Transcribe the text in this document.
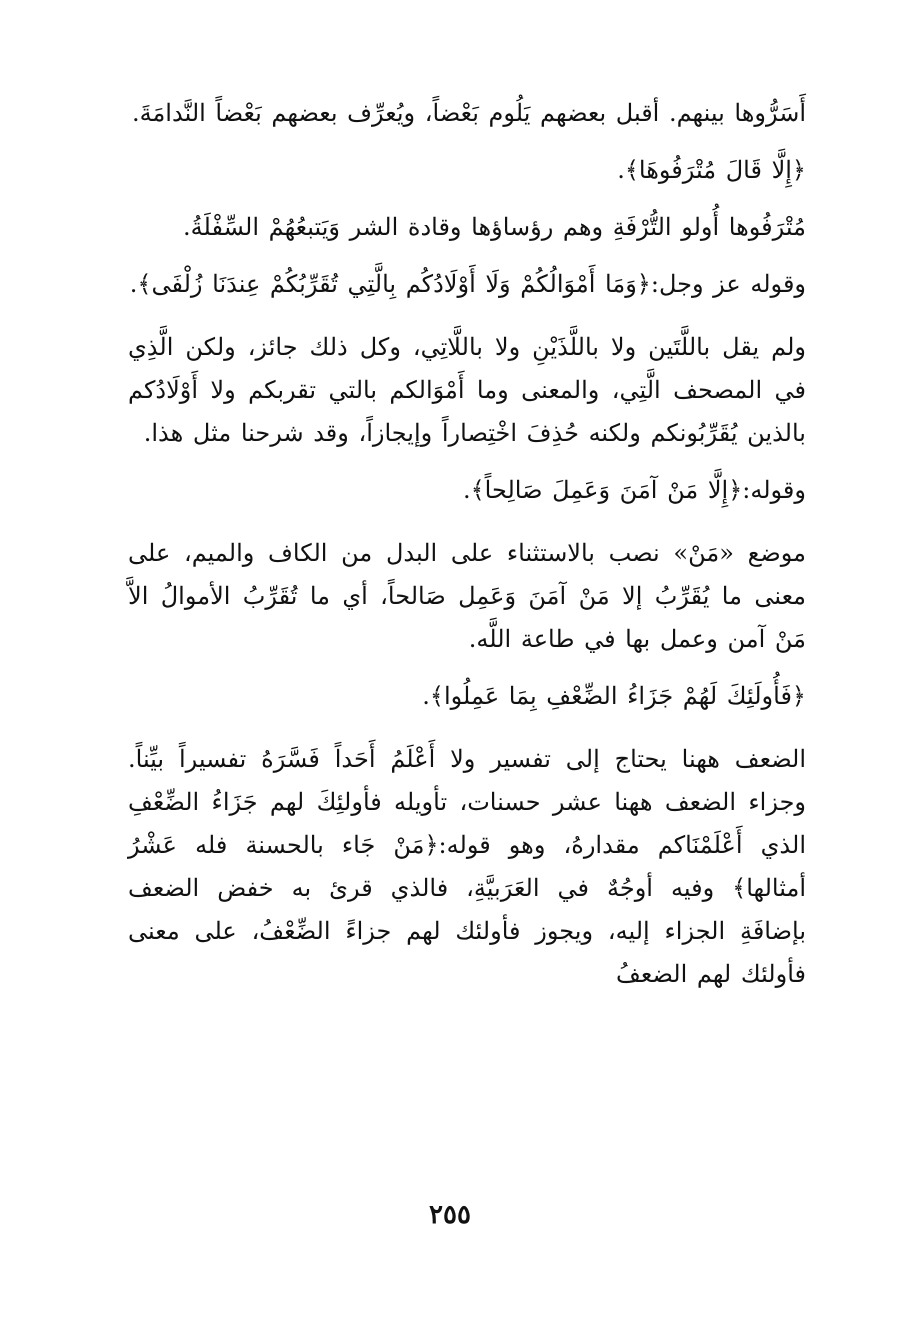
أَسَرُّوها بينهم. أقبل بعضهم يَلُوم بَعْضاً، ويُعرِّف بعضهم بَعْضاً النَّدامَةَ.

﴿إِلَّا قَالَ مُتْرَفُوهَا﴾.

مُتْرَفُوها أُولو التُّرْفَةِ وهم رؤساؤها وقادة الشر وَيَتبعُهُمْ السِّفْلَةُ.

وقوله عز وجل:﴿وَمَا أَمْوَالُكُمْ وَلَا أَوْلَادُكُم بِالَّتِي تُقَرِّبُكُمْ عِندَنَا زُلْفَى﴾.

ولم يقل باللَّتَين ولا باللَّذَيْنِ ولا باللَّاتِي، وكل ذلك جائز، ولكن الَّذِي في المصحف الَّتِي، والمعنى وما أَمْوَالكم بالتي تقربكم ولا أَوْلَادُكم بالذين يُقَرِّبُونكم ولكنه حُذِفَ اخْتِصاراً وإيجازاً، وقد شرحنا مثل هذا.

وقوله:﴿إِلَّا مَنْ آمَنَ وَعَمِلَ صَالِحاً﴾.

موضع «مَنْ» نصب بالاستثناء على البدل من الكاف والميم، على معنى ما يُقَرِّبُ إلا مَنْ آمَنَ وَعَمِل صَالحاً، أي ما تُقَرِّبُ الأموالُ الاَّ مَنْ آمن وعمل بها في طاعة اللَّه.

﴿فَأُولَئِكَ لَهُمْ جَزَاءُ الضِّعْفِ بِمَا عَمِلُوا﴾.

الضعف ههنا يحتاج إلى تفسير ولا أَعْلَمُ أَحَداً فَسَّرَهُ تفسيراً بيِّناً. وجزاء الضعف ههنا عشر حسنات، تأويله فأولئِكَ لهم جَزَاءُ الضِّعْفِ الذي أَعْلَمْنَاكم مقدارهُ، وهو قوله:﴿مَنْ جَاء بالحسنة فله عَشْرُ أمثالها﴾ وفيه أوجُهٌ في العَرَبيَّةِ، فالذي قرئ به خفض الضعف بإضافَةِ الجزاء إليه، ويجوز فأولئك لهم جزاءً الضِّعْفُ، على معنى فأولئك لهم الضعفُ

٢٥٥
